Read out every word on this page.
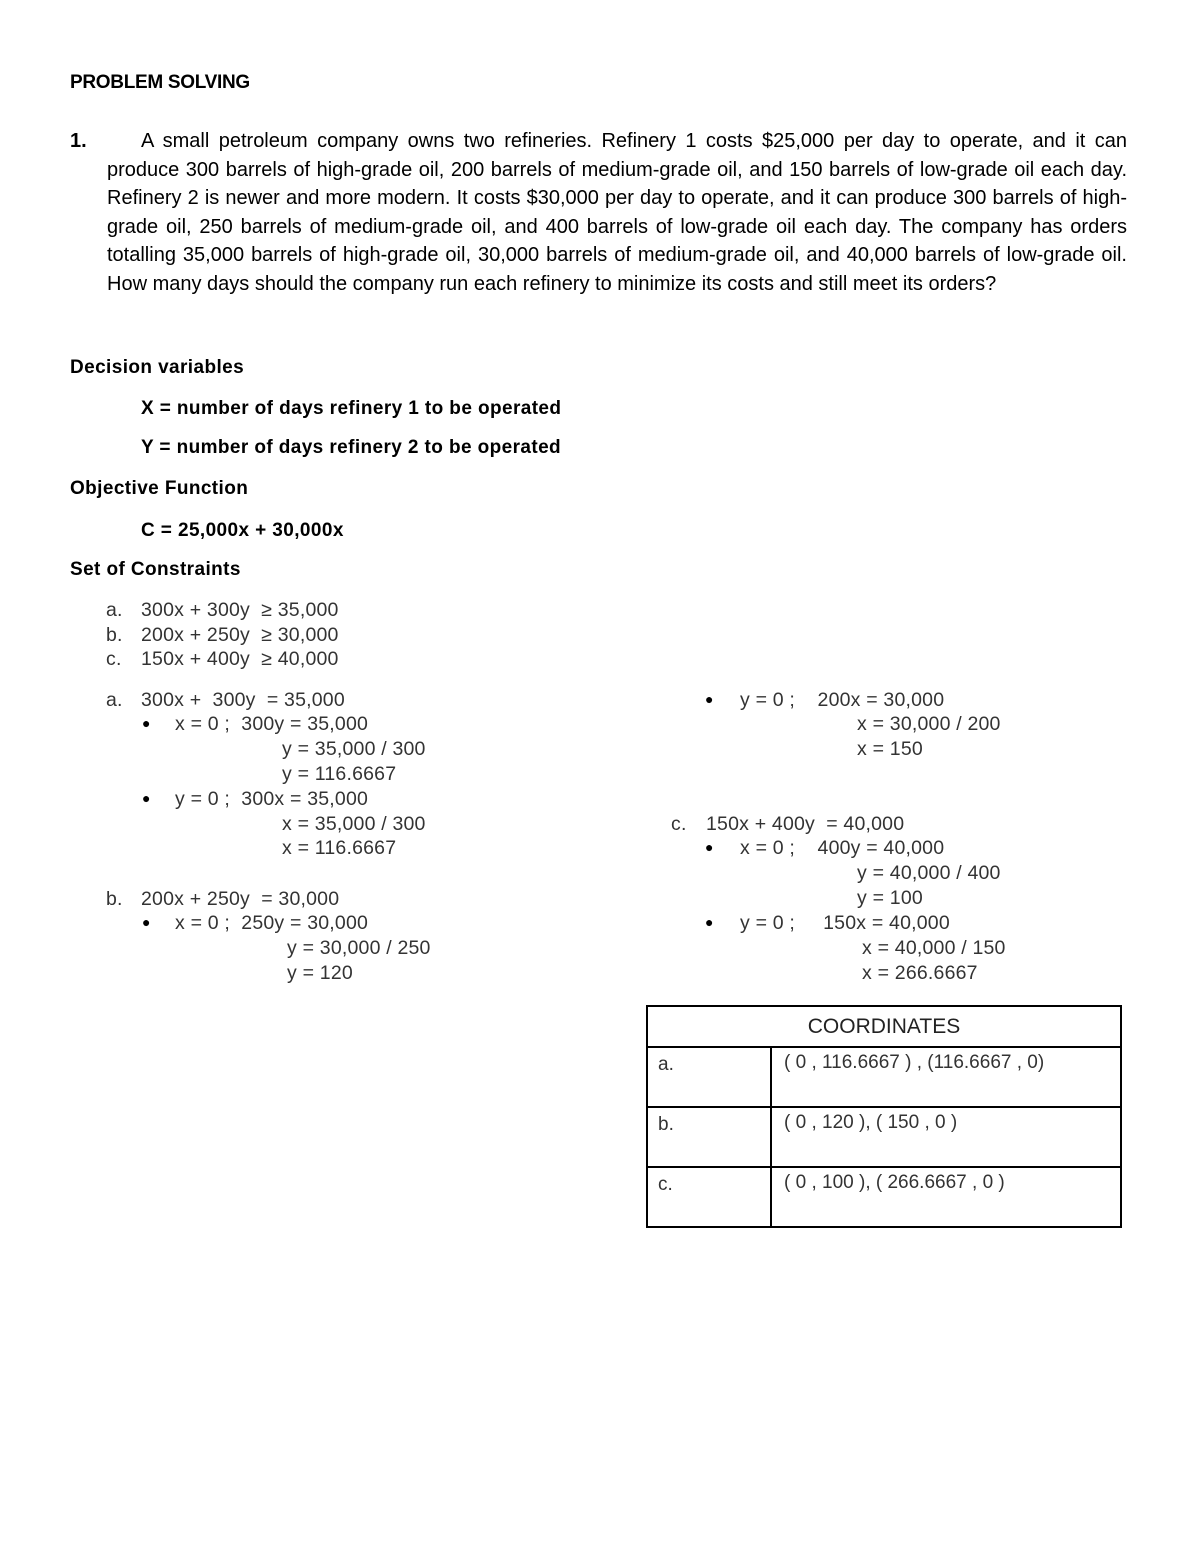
PROBLEM SOLVING
1.	A small petroleum company owns two refineries. Refinery 1 costs $25,000 per day to operate, and it can produce 300 barrels of high-grade oil, 200 barrels of medium-grade oil, and 150 barrels of low-grade oil each day. Refinery 2 is newer and more modern. It costs $30,000 per day to operate, and it can produce 300 barrels of high-grade oil, 250 barrels of medium-grade oil, and 400 barrels of low-grade oil each day. The company has orders totalling 35,000 barrels of high-grade oil, 30,000 barrels of medium-grade oil, and 40,000 barrels of low-grade oil. How many days should the company run each refinery to minimize its costs and still meet its orders?
Decision variables
X = number of days refinery 1 to be operated
Y = number of days refinery 2 to be operated
Objective Function
C = 25,000x + 30,000x
Set of Constraints
a. 300x + 300y  ≥ 35,000
b. 200x + 250y  ≥ 30,000
c. 150x + 400y  ≥ 40,000
a. 300x +  300y  = 35,000
● x = 0 ;  300y = 35,000
y = 35,000 / 300
y = 116.6667
● y = 0 ;  300x = 35,000
x = 35,000 / 300
x = 116.6667
b. 200x + 250y  = 30,000
● x = 0 ;  250y = 30,000
y = 30,000 / 250
y = 120
● y = 0 ;    200x = 30,000
x = 30,000 / 200
x = 150
c. 150x + 400y  = 40,000
● x = 0 ;    400y = 40,000
y = 40,000 / 400
y = 100
● y = 0 ;     150x = 40,000
x = 40,000 / 150
x = 266.6667
COORDINATES	
a.	( 0 , 116.6667 ) , (116.6667 , 0)
b.	( 0 , 120 ), ( 150 , 0 )
c.	( 0 , 100 ), ( 266.6667 , 0 )
